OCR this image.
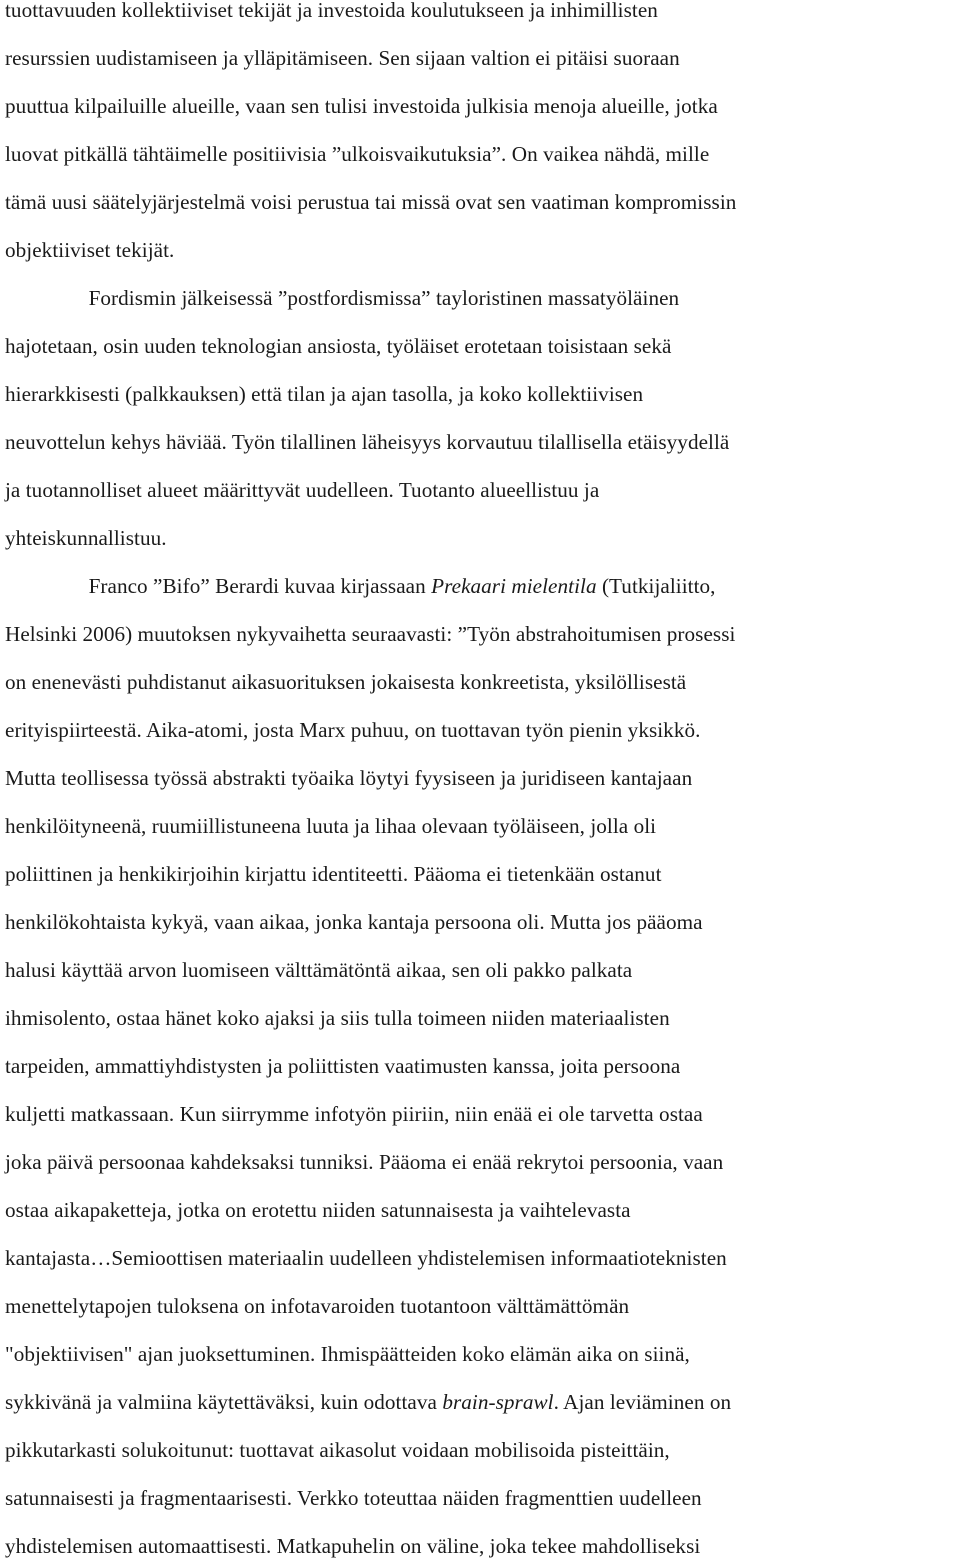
tuottavuuden kollektiiviset tekijät ja investoida koulutukseen ja inhimillisten
resurssien uudistamiseen ja ylläpitämiseen. Sen sijaan valtion ei pitäisi suoraan
puuttua kilpailuille alueille, vaan sen tulisi investoida julkisia menoja alueille, jotka
luovat pitkällä tähtäimelle positiivisia ”ulkoisvaikutuksia”. On vaikea nähdä, mille
tämä uusi säätelyjärjestelmä voisi perustua tai missä ovat sen vaatiman kompromissin
objektiiviset tekijät.
Fordismin jälkeisessä ”postfordismissa” tayloristinen massatyöläinen
hajotetaan, osin uuden teknologian ansiosta, työläiset erotetaan toisistaan sekä
hierarkkisesti (palkkauksen) että tilan ja ajan tasolla, ja koko kollektiivisen
neuvottelun kehys häviää. Työn tilallinen läheisyys korvautuu tilallisella etäisyydellä
ja tuotannolliset alueet määrittyvät uudelleen. Tuotanto alueellistuu ja
yhteiskunnallistuu.
Franco ”Bifo” Berardi kuvaa kirjassaan Prekaari mielentila (Tutkijaliitto,
Helsinki 2006) muutoksen nykyvaihetta seuraavasti: ”Työn abstrahoitumisen prosessi
on enenevästi puhdistanut aikasuorituksen jokaisesta konkreetista, yksilöllisestä
erityispiirteestä. Aika-atomi, josta Marx puhuu, on tuottavan työn pienin yksikkö.
Mutta teollisessa työssä abstrakti työaika löytyi fyysiseen ja juridiseen kantajaan
henkilöityneenä, ruumiillistuneena luuta ja lihaa olevaan työläiseen, jolla oli
poliittinen ja henkikirjoihin kirjattu identiteetti. Pääoma ei tietenkään ostanut
henkilökohtaista kykyä, vaan aikaa, jonka kantaja persoona oli. Mutta jos pääoma
halusi käyttää arvon luomiseen välttämätöntä aikaa, sen oli pakko palkata
ihmisolento, ostaa hänet koko ajaksi ja siis tulla toimeen niiden materiaalisten
tarpeiden, ammattiyhdistysten ja poliittisten vaatimusten kanssa, joita persoona
kuljetti matkassaan. Kun siirrymme infotyön piiriin, niin enää ei ole tarvetta ostaa
joka päivä persoonaa kahdeksaksi tunniksi. Pääoma ei enää rekrytoi persoonia, vaan
ostaa aikapaketteja, jotka on erotettu niiden satunnaisesta ja vaihtelevasta
kantajasta…Semioottisen materiaalin uudelleen yhdistelemisen informaatioteknisten
menettelytapojen tuloksena on infotavaroiden tuotantoon välttämättömän
"objektiivisen" ajan juoksettuminen. Ihmispäätteiden koko elämän aika on siinä,
sykkivänä ja valmiina käytettäväksi, kuin odottava brain-sprawl. Ajan leviäminen on
pikkutarkasti solukoitunut: tuottavat aikasolut voidaan mobilisoida pisteittäin,
satunnaisesti ja fragmentaarisesti. Verkko toteuttaa näiden fragmenttien uudelleen
yhdistelemisen automaattisesti. Matkapuhelin on väline, joka tekee mahdolliseksi
